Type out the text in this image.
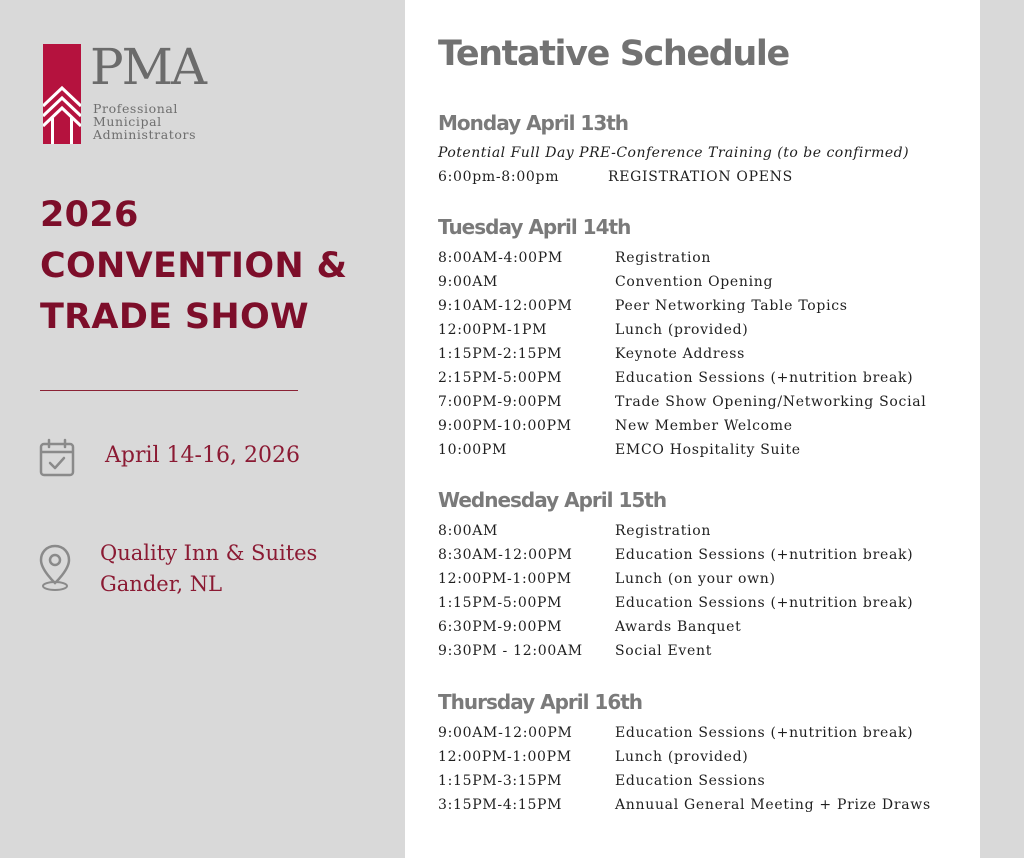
PMA
Professional
Municipal
Administrators
2026
CONVENTION &
TRADE SHOW
April 14-16, 2026
Quality Inn & Suites
Gander, NL
Tentative Schedule
Monday April 13th
Potential Full Day PRE-Conference Training (to be confirmed)
6:00pm-8:00pm	REGISTRATION OPENS
Tuesday April 14th
8:00AM-4:00PM	Registration
9:00AM	Convention Opening
9:10AM-12:00PM	Peer Networking Table Topics
12:00PM-1PM	Lunch (provided)
1:15PM-2:15PM	Keynote Address
2:15PM-5:00PM	Education Sessions (+nutrition break)
7:00PM-9:00PM	Trade Show Opening/Networking Social
9:00PM-10:00PM	New Member Welcome
10:00PM	EMCO Hospitality Suite
Wednesday April 15th
8:00AM	Registration
8:30AM-12:00PM	Education Sessions (+nutrition break)
12:00PM-1:00PM	Lunch (on your own)
1:15PM-5:00PM	Education Sessions (+nutrition break)
6:30PM-9:00PM	Awards Banquet
9:30PM - 12:00AM Social Event
Thursday April 16th
9:00AM-12:00PM	Education Sessions (+nutrition break)
12:00PM-1:00PM	Lunch (provided)
1:15PM-3:15PM	Education Sessions
3:15PM-4:15PM	Annuual General Meeting + Prize Draws
